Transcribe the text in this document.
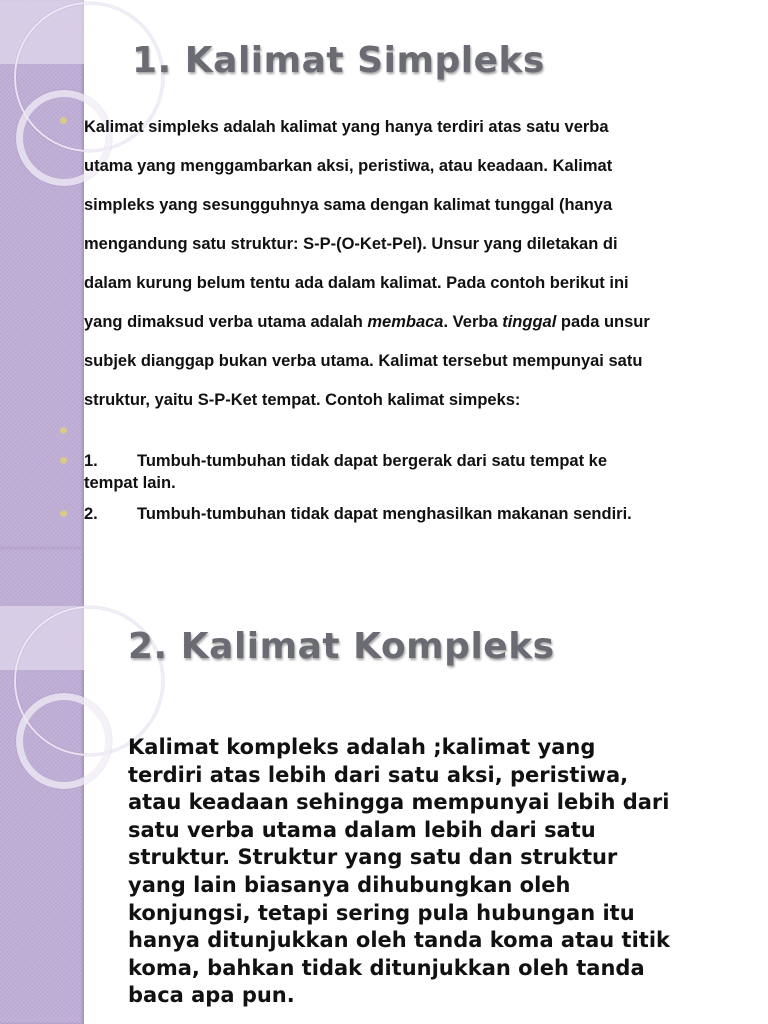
1. Kalimat Simpleks
Kalimat simpleks adalah kalimat yang hanya terdiri atas satu verba
utama yang menggambarkan aksi, peristiwa, atau keadaan. Kalimat
simpleks yang sesungguhnya sama dengan kalimat tunggal (hanya
mengandung satu struktur: S-P-(O-Ket-Pel). Unsur yang diletakan di
dalam kurung belum tentu ada dalam kalimat. Pada contoh berikut ini
yang dimaksud verba utama adalah membaca. Verba tinggal pada unsur
subjek dianggap bukan verba utama. Kalimat tersebut mempunyai satu
struktur, yaitu S-P-Ket tempat. Contoh kalimat simpeks:
1. Tumbuh-tumbuhan tidak dapat bergerak dari satu tempat ke
tempat lain.
2. Tumbuh-tumbuhan tidak dapat menghasilkan makanan sendiri.
2. Kalimat Kompleks
Kalimat kompleks adalah ;kalimat yang
terdiri atas lebih dari satu aksi, peristiwa,
atau keadaan sehingga mempunyai lebih dari
satu verba utama dalam lebih dari satu
struktur. Struktur yang satu dan struktur
yang lain biasanya dihubungkan oleh
konjungsi, tetapi sering pula hubungan itu
hanya ditunjukkan oleh tanda koma atau titik
koma, bahkan tidak ditunjukkan oleh tanda
baca apa pun.
